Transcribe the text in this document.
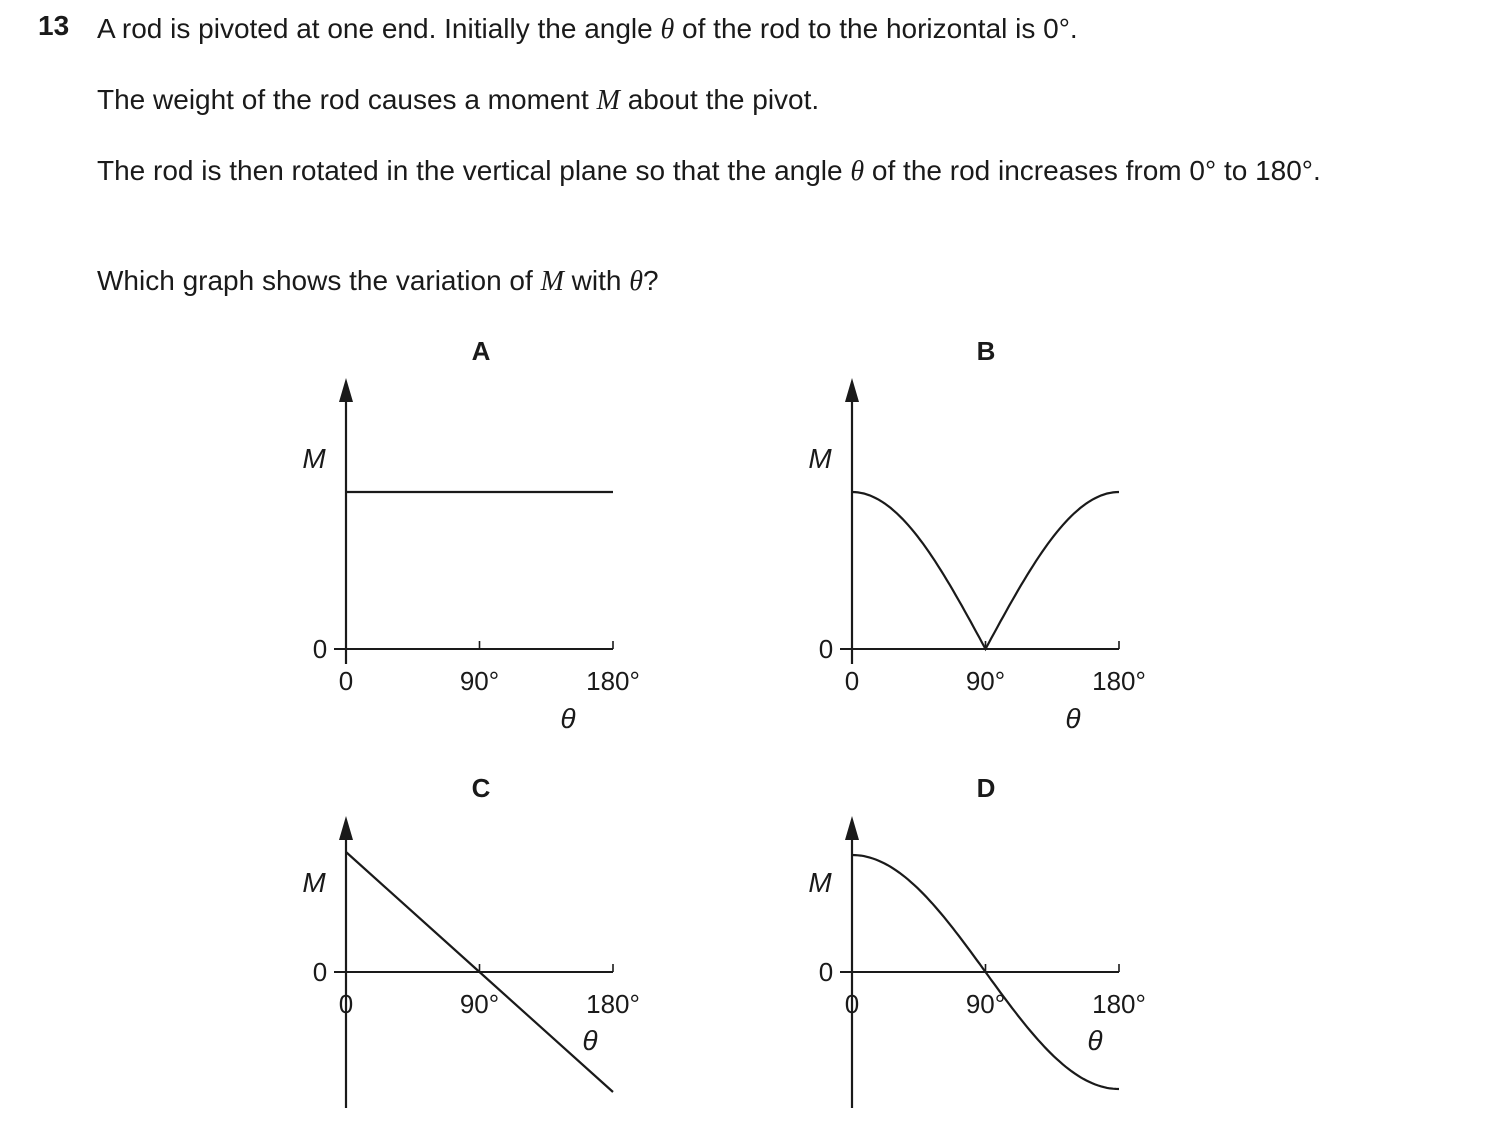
13 A rod is pivoted at one end. Initially the angle θ of the rod to the horizontal is 0°.
The weight of the rod causes a moment M about the pivot.
The rod is then rotated in the vertical plane so that the angle θ of the rod increases from 0° to 180°.
Which graph shows the variation of M with θ?
A
M
0
0	90°	180°
θ
B
M
0
0	90°	180°
θ
C
M
0
0	90°	180°
θ
D
M
0
0	90°	180°
θ
